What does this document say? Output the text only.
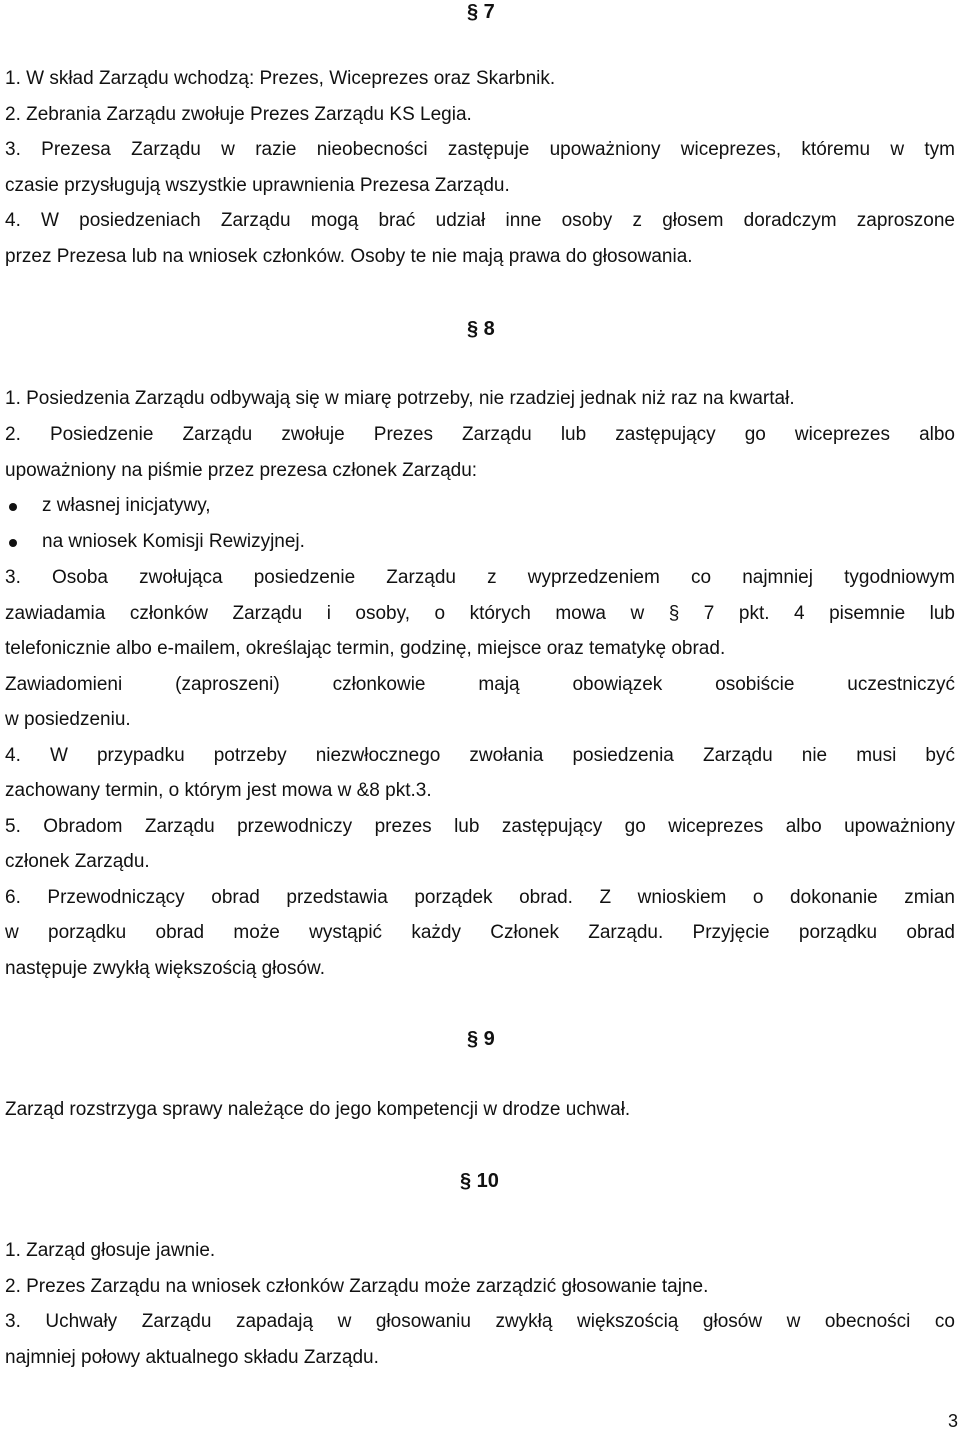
§ 7
1. W skład Zarządu wchodzą: Prezes, Wiceprezes oraz Skarbnik.
2. Zebrania Zarządu zwołuje Prezes Zarządu KS Legia.
3. Prezesa Zarządu w razie nieobecności zastępuje upoważniony wiceprezes, któremu w tym
czasie przysługują wszystkie uprawnienia Prezesa Zarządu.
4. W posiedzeniach Zarządu mogą brać udział inne osoby z głosem doradczym zaproszone
przez Prezesa lub na wniosek członków. Osoby te nie mają prawa do głosowania.
§ 8
1. Posiedzenia Zarządu odbywają się w miarę potrzeby, nie rzadziej jednak niż raz na kwartał.
2. Posiedzenie Zarządu zwołuje Prezes Zarządu lub zastępujący go wiceprezes albo
upoważniony na piśmie przez prezesa członek Zarządu:
z własnej inicjatywy,
na wniosek Komisji Rewizyjnej.
3. Osoba zwołująca posiedzenie Zarządu z wyprzedzeniem co najmniej tygodniowym
zawiadamia członków Zarządu i osoby, o których mowa w § 7 pkt. 4 pisemnie lub
telefonicznie albo e-mailem, określając termin, godzinę, miejsce oraz tematykę obrad.
Zawiadomieni (zaproszeni) członkowie mają obowiązek osobiście uczestniczyć
w posiedzeniu.
4. W przypadku potrzeby niezwłocznego zwołania posiedzenia Zarządu nie musi być
zachowany termin, o którym jest mowa w &8 pkt.3.
5. Obradom Zarządu przewodniczy prezes lub zastępujący go wiceprezes albo upoważniony
członek Zarządu.
6. Przewodniczący obrad przedstawia porządek obrad. Z wnioskiem o dokonanie zmian
w porządku obrad może wystąpić każdy Członek Zarządu. Przyjęcie porządku obrad
następuje zwykłą większością głosów.
§ 9
Zarząd rozstrzyga sprawy należące do jego kompetencji w drodze uchwał.
§ 10
1. Zarząd głosuje jawnie.
2. Prezes Zarządu na wniosek członków Zarządu może zarządzić głosowanie tajne.
3. Uchwały Zarządu zapadają w głosowaniu zwykłą większością głosów w obecności co
najmniej połowy aktualnego składu Zarządu.
3
